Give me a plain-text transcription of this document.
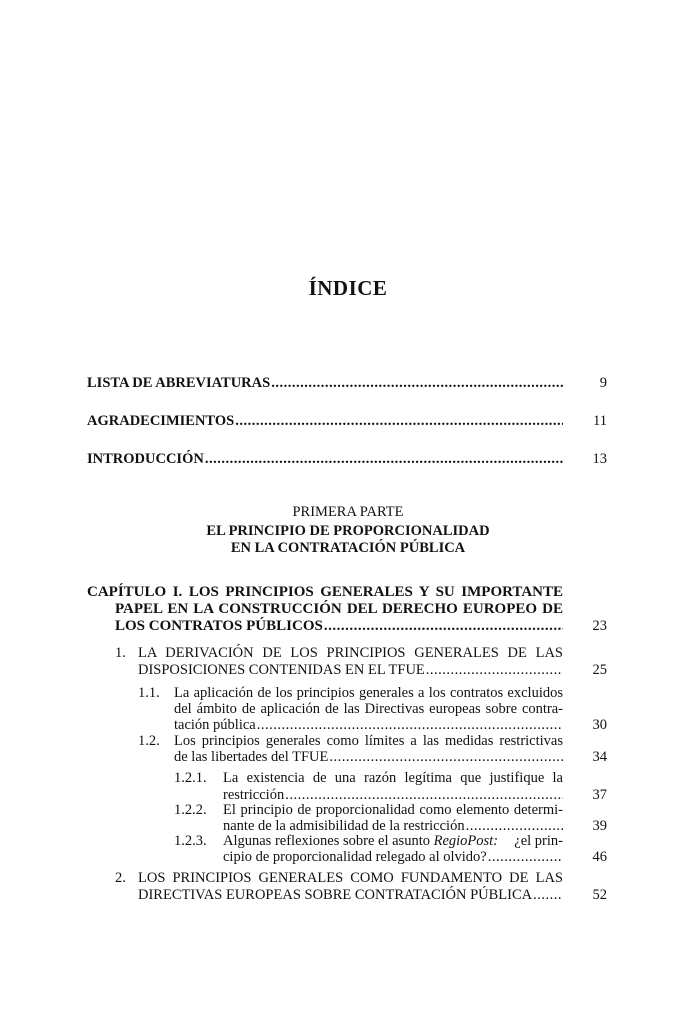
ÍNDICE
LISTA DE ABREVIATURAS .....	9
AGRADECIMIENTOS .....	11
INTRODUCCIÓN .....	13
PRIMERA PARTE
EL PRINCIPIO DE PROPORCIONALIDAD
EN LA CONTRATACIÓN PÚBLICA
CAPÍTULO I. LOS PRINCIPIOS GENERALES Y SU IMPORTANTE
PAPEL EN LA CONSTRUCCIÓN DEL DERECHO EUROPEO DE
LOS CONTRATOS PÚBLICOS .....	23
1. LA DERIVACIÓN DE LOS PRINCIPIOS GENERALES DE LAS
DISPOSICIONES CONTENIDAS EN EL TFUE .....	25
1.1. La aplicación de los principios generales a los contratos excluidos
del ámbito de aplicación de las Directivas europeas sobre contra-
tación pública .....	30
1.2. Los principios generales como límites a las medidas restrictivas
de las libertades del TFUE .....	34
1.2.1. La existencia de una razón legítima que justifique la
restricción .....	37
1.2.2. El principio de proporcionalidad como elemento determi-
nante de la admisibilidad de la restricción .....	39
1.2.3. Algunas reflexiones sobre el asunto RegioPost: ¿el prin-
cipio de proporcionalidad relegado al olvido? .....	46
2. LOS PRINCIPIOS GENERALES COMO FUNDAMENTO DE LAS
DIRECTIVAS EUROPEAS SOBRE CONTRATACIÓN PÚBLICA .....	52
